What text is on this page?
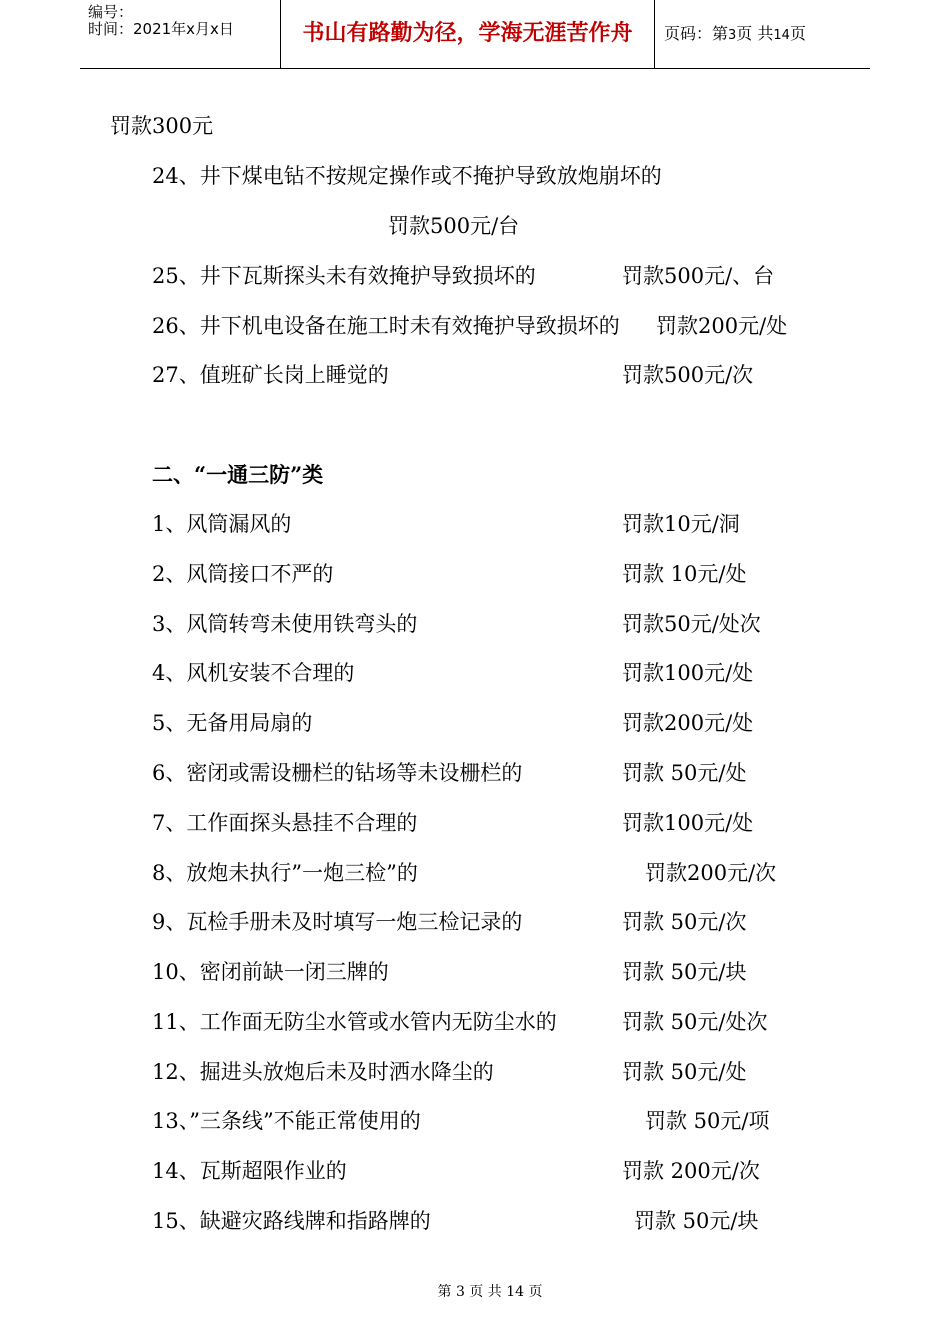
编号：
时间：2021年x月x日	书山有路勤为径，学海无涯苦作舟	页码：第3页 共14页
罚款300元
24、井下煤电钻不按规定操作或不掩护导致放炮崩坏的
罚款500元/台
25、井下瓦斯探头未有效掩护导致损坏的	罚款500元/、台
26、井下机电设备在施工时未有效掩护导致损坏的 罚款200元/处
27、值班矿长岗上睡觉的	罚款500元/次
二、“一通三防”类
1、风筒漏风的	罚款10元/洞
2、风筒接口不严的	罚款 10元/处
3、风筒转弯未使用铁弯头的	罚款50元/处次
4、风机安装不合理的	罚款100元/处
5、无备用局扇的	罚款200元/处
6、密闭或需设栅栏的钻场等未设栅栏的	罚款 50元/处
7、工作面探头悬挂不合理的	罚款100元/处
8、放炮未执行”一炮三检”的	罚款200元/次
9、瓦检手册未及时填写一炮三检记录的	罚款 50元/次
10、密闭前缺一闭三牌的	罚款 50元/块
11、工作面无防尘水管或水管内无防尘水的	罚款 50元/处次
12、掘进头放炮后未及时洒水降尘的	罚款 50元/处
13、”三条线”不能正常使用的	罚款 50元/项
14、瓦斯超限作业的	罚款 200元/次
15、缺避灾路线牌和指路牌的	罚款 50元/块
第 3 页 共 14 页
